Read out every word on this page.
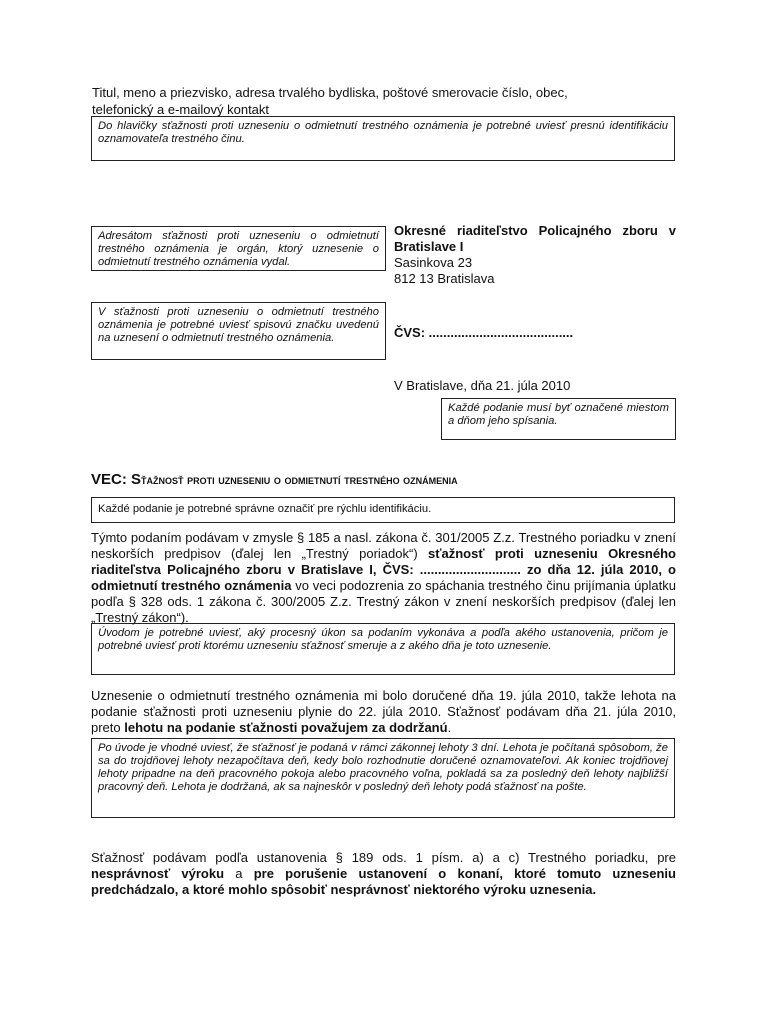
Titul, meno a priezvisko, adresa trvalého bydliska, poštové smerovacie číslo, obec,
telefonický a e-mailový kontakt
Do hlavičky sťažnosti proti uzneseniu o odmietnutí trestného oznámenia je potrebné uviesť presnú identifikáciu oznamovateľa trestného činu.
Adresátom sťažnosti proti uzneseniu o odmietnutí trestného oznámenia je orgán, ktorý uznesenie o odmietnutí trestného oznámenia vydal.
Okresné riaditeľstvo Policajného zboru v Bratislave I
Sasinkova 23
812 13 Bratislava
V sťažnosti proti uzneseniu o odmietnutí trestného oznámenia je potrebné uviesť spisovú značku uvedenú na uznesení o odmietnutí trestného oznámenia.	ČVS: ........................................
V Bratislave, dňa 21. júla 2010
Každé podanie musí byť označené miestom a dňom jeho spísania.
VEC: Sťažnosť proti uzneseniu o odmietnutí trestného oznámenia
Každé podanie je potrebné správne označiť pre rýchlu identifikáciu.
Týmto podaním podávam v zmysle § 185 a nasl. zákona č. 301/2005 Z.z. Trestného poriadku v znení neskorších predpisov (ďalej len „Trestný poriadok“) sťažnosť proti uzneseniu Okresného riaditeľstva Policajného zboru v Bratislave I, ČVS: ............................ zo dňa 12. júla 2010, o odmietnutí trestného oznámenia vo veci podozrenia zo spáchania trestného činu prijímania úplatku podľa § 328 ods. 1 zákona č. 300/2005 Z.z. Trestný zákon v znení neskorších predpisov (ďalej len „Trestný zákon“).
Úvodom je potrebné uviesť, aký procesný úkon sa podaním vykonáva a podľa akého ustanovenia, pričom je potrebné uviesť proti ktorému uzneseniu sťažnosť smeruje a z akého dňa je toto uznesenie.
Uznesenie o odmietnutí trestného oznámenia mi bolo doručené dňa 19. júla 2010, takže lehota na podanie sťažnosti proti uzneseniu plynie do 22. júla 2010. Sťažnosť podávam dňa 21. júla 2010, preto lehotu na podanie sťažnosti považujem za dodržanú.
Po úvode je vhodné uviesť, že sťažnosť je podaná v rámci zákonnej lehoty 3 dní. Lehota je počítaná spôsobom, že sa do trojdňovej lehoty nezapočítava deň, kedy bolo rozhodnutie doručené oznamovateľovi. Ak koniec trojdňovej lehoty pripadne na deň pracovného pokoja alebo pracovného voľna, pokladá sa za posledný deň lehoty najbližší pracovný deň. Lehota je dodržaná, ak sa najneskôr v posledný deň lehoty podá sťažnosť na pošte.
Sťažnosť podávam podľa ustanovenia § 189 ods. 1 písm. a) a c) Trestného poriadku, pre nesprávnosť výroku a pre porušenie ustanovení o konaní, ktoré tomuto uzneseniu predchádzalo, a ktoré mohlo spôsobiť nesprávnosť niektorého výroku uznesenia.
